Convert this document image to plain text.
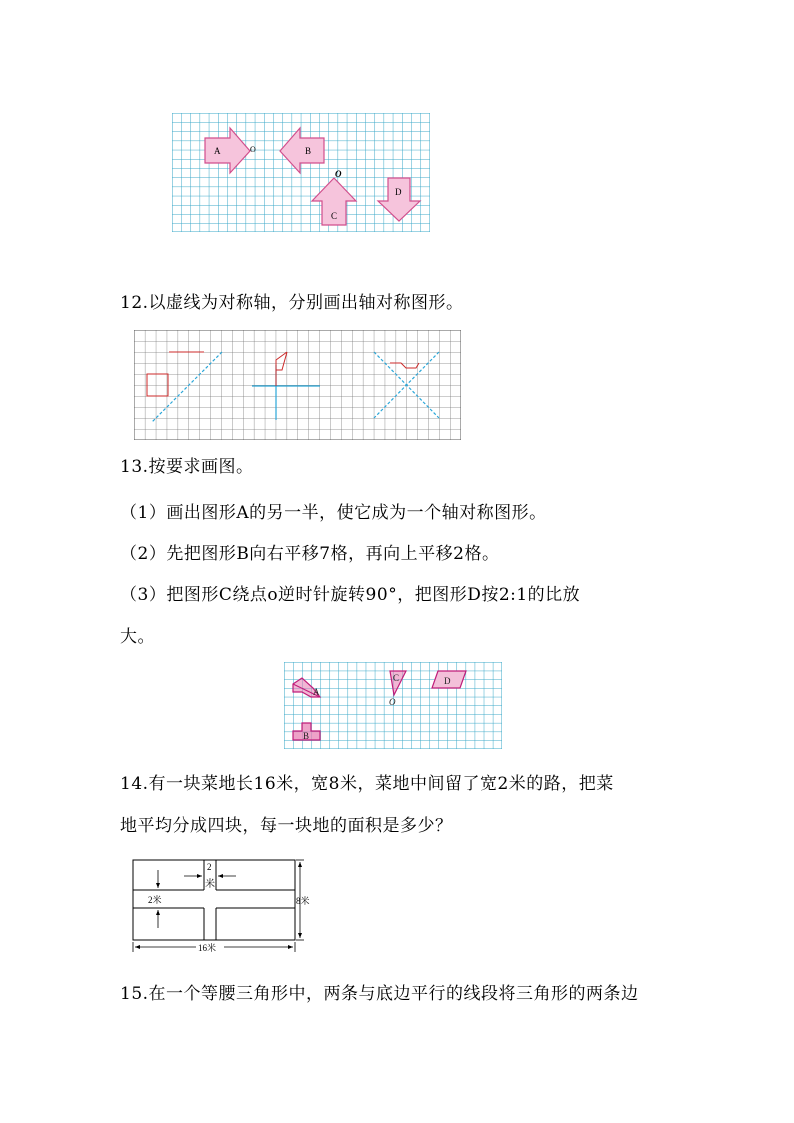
A	B
C
D
O
O
12.以虚线为对称轴，分别画出轴对称图形。
13.按要求画图。
（1）画出图形A的另一半，使它成为一个轴对称图形。
（2）先把图形B向右平移7格，再向上平移2格。
（3）把图形C绕点o逆时针旋转90°，把图形D按2:1的比放
大。
A
B
C	D
O
14.有一块菜地长16米，宽8米，菜地中间留了宽2米的路，把菜
地平均分成四块，每一块地的面积是多少？
2
米
2米	8米
16米
15.在一个等腰三角形中，两条与底边平行的线段将三角形的两条边
